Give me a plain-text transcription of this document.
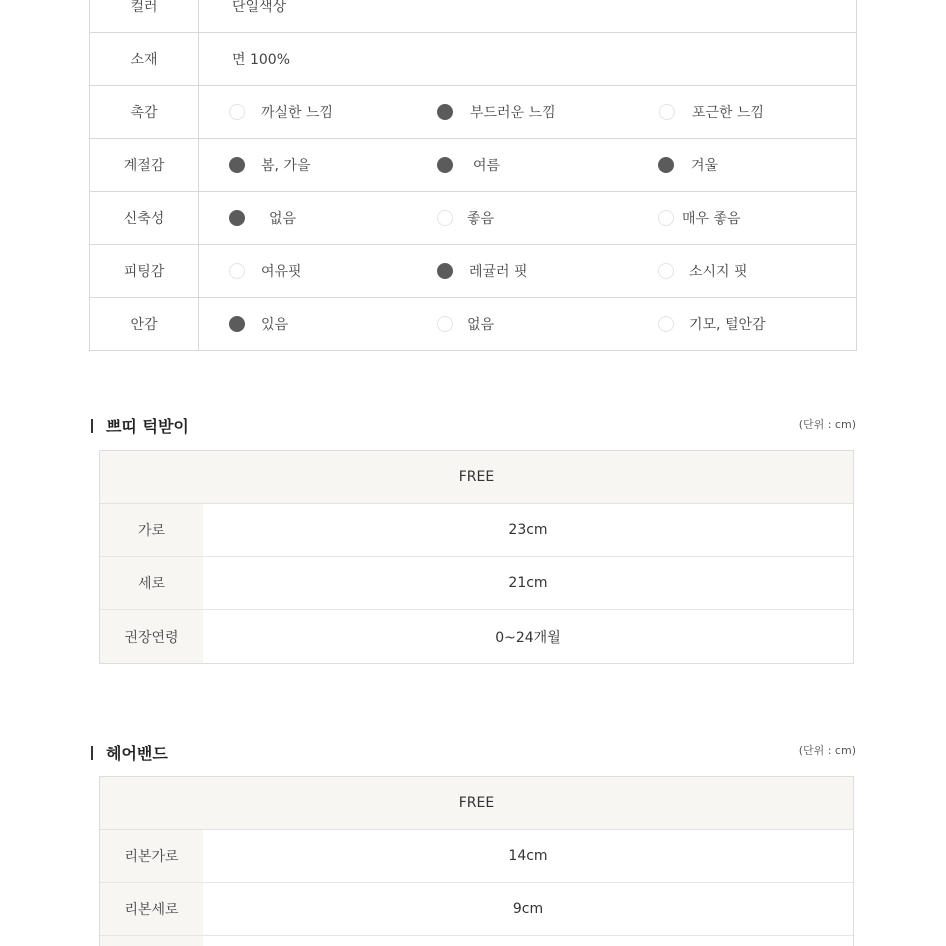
컬러	단일색상
소재	면 100%
촉감	까실한 느낌	부드러운 느낌	포근한 느낌
계절감	봄, 가을	여름	겨울
신축성	없음	좋음	매우 좋음
피팅감	여유핏	레귤러 핏	소시지 핏
안감	있음	없음	기모, 털안감
쁘띠 턱받이	(단위 : cm)
FREE
가로	23cm
세로	21cm
권장연령	0~24개월
헤어밴드	(단위 : cm)
FREE
리본가로	14cm
리본세로	9cm
